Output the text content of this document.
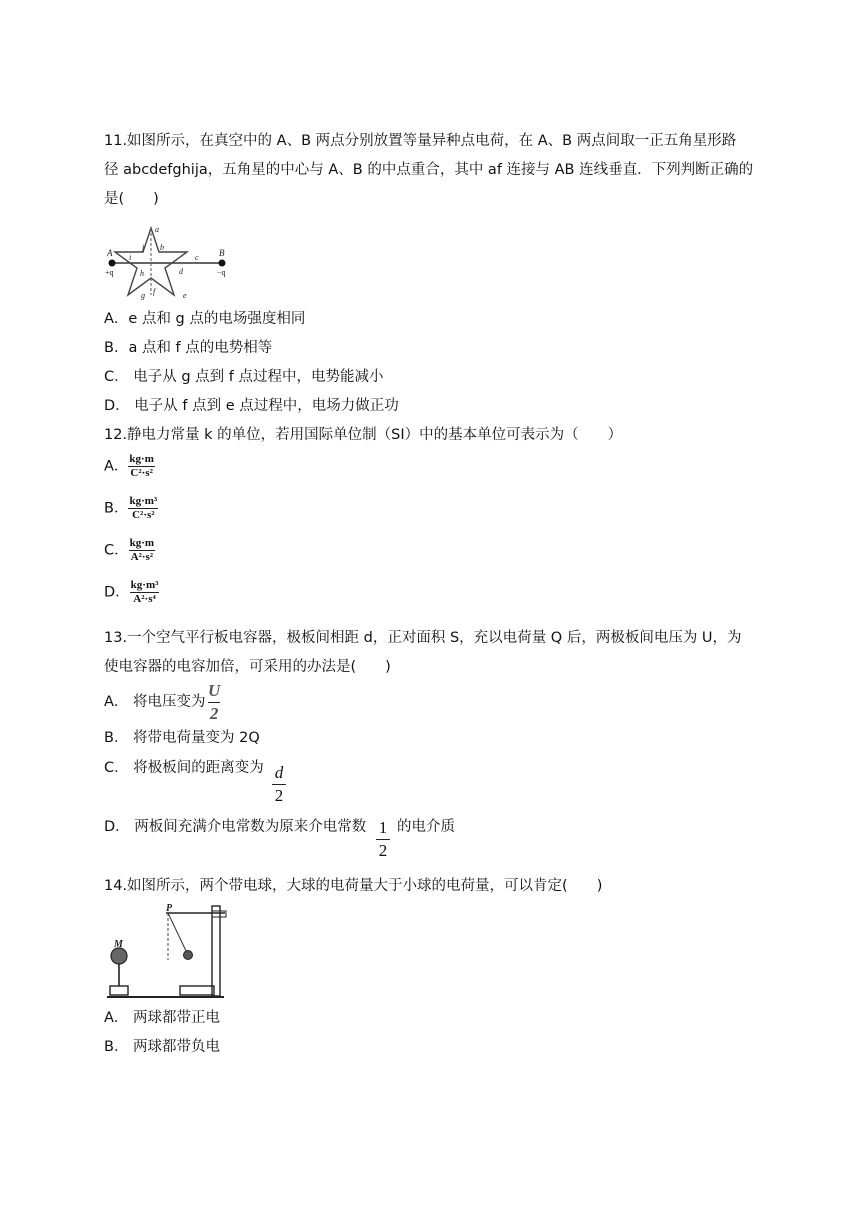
11.如图所示，在真空中的 A、B 两点分别放置等量异种点电荷，在 A、B 两点间取一正五角星形路
径 abcdefghija，五角星的中心与 A、B 的中点重合，其中 af 连接与 AB 连线垂直．下列判断正确的
是(　　)
A	B
+q	−q
a
j b
i	c
h	d
g f	e
A．e 点和 g 点的电场强度相同
B．a 点和 f 点的电势相等
C． 电子从 g 点到 f 点过程中，电势能减小
D． 电子从 f 点到 e 点过程中，电场力做正功
12.静电力常量 k 的单位，若用国际单位制（SI）中的基本单位可表示为（　　）
A． $\frac{kg\cdot m}{\text{C²·s²}}$
B． $\frac{\text{kg·m³}}{\text{C²·s²}}$
C． $\frac{kg\cdot m}{\text{A²·s²}}$
D． $\frac{\text{kg·m³}}{\text{A²·s⁴}}$
13.一个空气平行板电容器，极板间相距 d，正对面积 S，充以电荷量 Q 后，两极板间电压为 U，为
使电容器的电容加倍，可采用的办法是(　　)
A． 将电压变为
U
2
B． 将带电荷量变为 2Q
C． 将极板间的距离变为 d
2
D． 两板间充满介电常数为原来介电常数 1
2
的电介质
14.如图所示，两个带电球，大球的电荷量大于小球的电荷量，可以肯定(　　)
M
P
A． 两球都带正电
B． 两球都带负电
